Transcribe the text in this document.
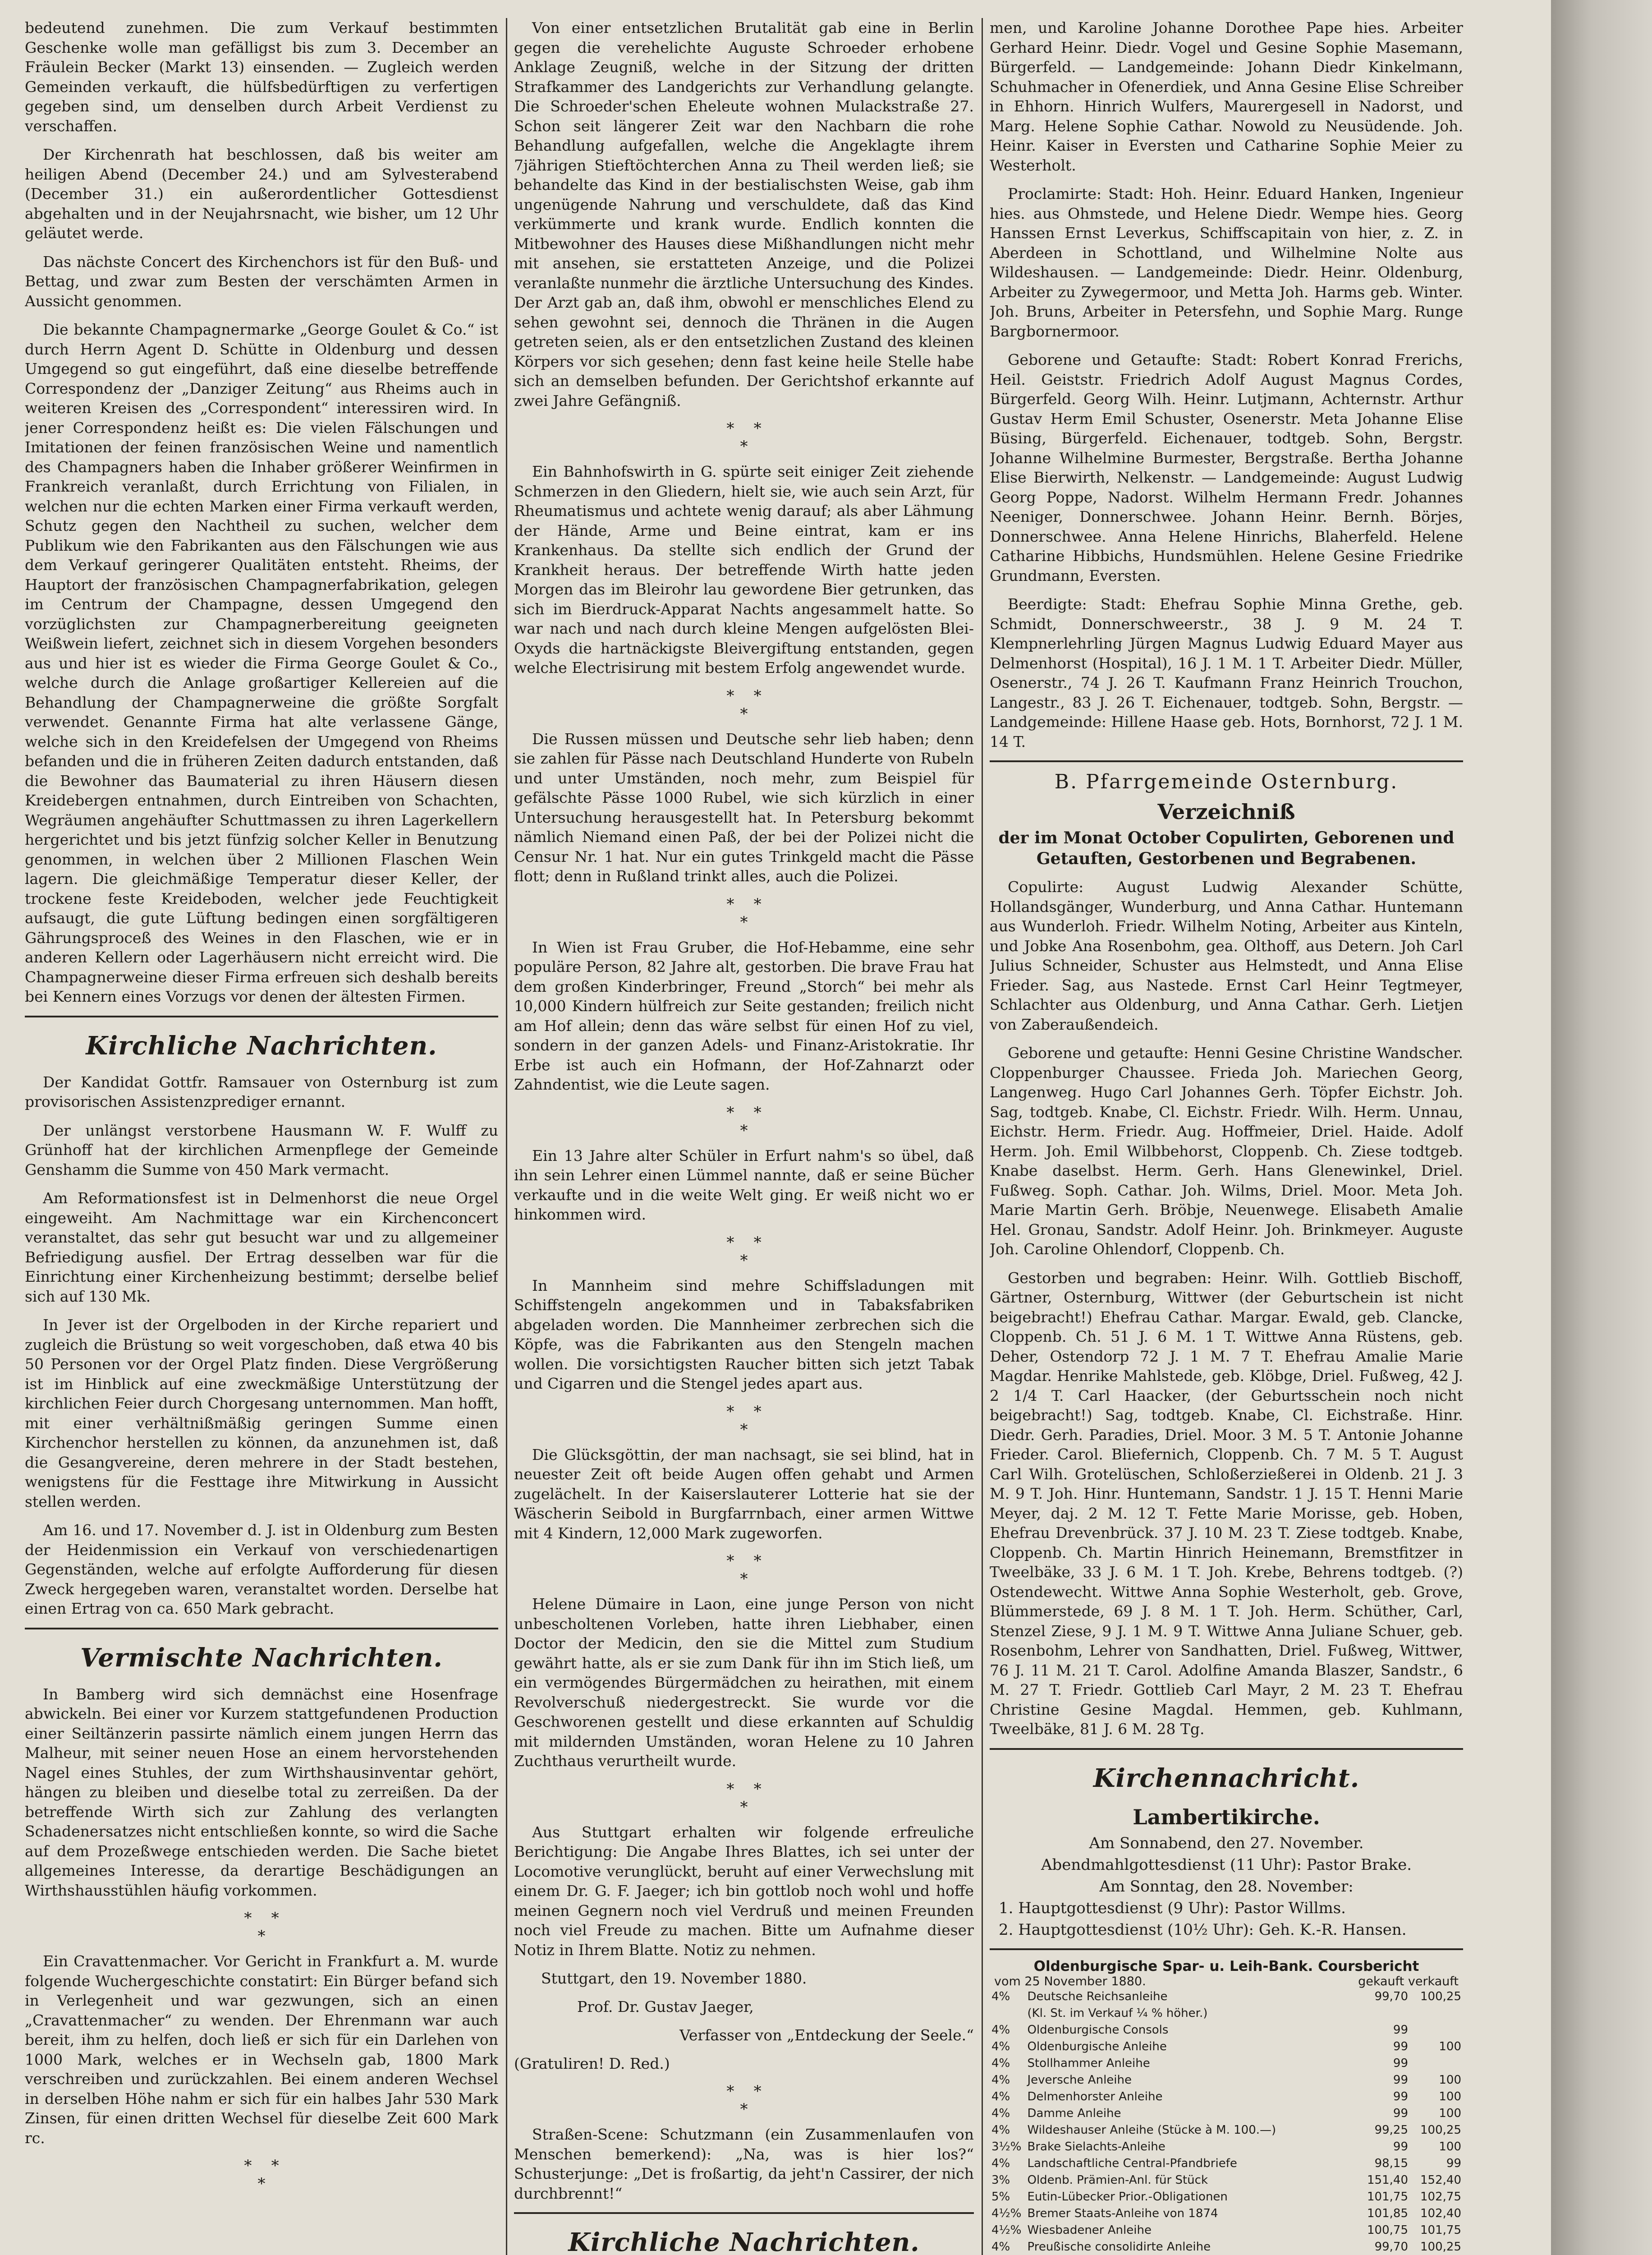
bedeutend zunehmen. Die zum Verkauf bestimmten Geschenke wolle man gefälligst bis zum 3. December an Fräulein Becker (Markt 13) einsenden. — Zugleich werden Gemeinden verkauft, die hülfsbedürftigen zu verfertigen gegeben sind, um denselben durch Arbeit Verdienst zu verschaffen.

Der Kirchenrath hat beschlossen, daß bis weiter am heiligen Abend (December 24.) und am Sylvesterabend (December 31.) ein außerordentlicher Gottesdienst abgehalten und in der Neujahrsnacht, wie bisher, um 12 Uhr geläutet werde.

Das nächste Concert des Kirchenchors ist für den Buß- und Bettag, und zwar zum Besten der verschämten Armen in Aussicht genommen.

Die bekannte Champagnermarke „George Goulet & Co.“ ist durch Herrn Agent D. Schütte in Oldenburg und dessen Umgegend so gut eingeführt, daß eine dieselbe betreffende Correspondenz der „Danziger Zeitung“ aus Rheims auch in weiteren Kreisen des „Correspondent“ interessiren wird. In jener Correspondenz heißt es: Die vielen Fälschungen und Imitationen der feinen französischen Weine und namentlich des Champagners haben die Inhaber größerer Weinfirmen in Frankreich veranlaßt, durch Errichtung von Filialen, in welchen nur die echten Marken einer Firma verkauft werden, Schutz gegen den Nachtheil zu suchen, welcher dem Publikum wie den Fabrikanten aus den Fälschungen wie aus dem Verkauf geringerer Qualitäten entsteht. Rheims, der Hauptort der französischen Champagnerfabrikation, gelegen im Centrum der Champagne, dessen Umgegend den vorzüglichsten zur Champagnerbereitung geeigneten Weißwein liefert, zeichnet sich in diesem Vorgehen besonders aus und hier ist es wieder die Firma George Goulet & Co., welche durch die Anlage großartiger Kellereien auf die Behandlung der Champagnerweine die größte Sorgfalt verwendet. Genannte Firma hat alte verlassene Gänge, welche sich in den Kreidefelsen der Umgegend von Rheims befanden und die in früheren Zeiten dadurch entstanden, daß die Bewohner das Baumaterial zu ihren Häusern diesen Kreidebergen entnahmen, durch Eintreiben von Schachten, Wegräumen angehäufter Schuttmassen zu ihren Lagerkellern hergerichtet und bis jetzt fünfzig solcher Keller in Benutzung genommen, in welchen über 2 Millionen Flaschen Wein lagern. Die gleichmäßige Temperatur dieser Keller, der trockene feste Kreideboden, welcher jede Feuchtigkeit aufsaugt, die gute Lüftung bedingen einen sorgfältigeren Gährungsproceß des Weines in den Flaschen, wie er in anderen Kellern oder Lagerhäusern nicht erreicht wird. Die Champagnerweine dieser Firma erfreuen sich deshalb bereits bei Kennern eines Vorzugs vor denen der ältesten Firmen.

Kirchliche Nachrichten.

Der Kandidat Gottfr. Ramsauer von Osternburg ist zum provisorischen Assistenzprediger ernannt.

Der unlängst verstorbene Hausmann W. F. Wulff zu Grünhoff hat der kirchlichen Armenpflege der Gemeinde Genshamm die Summe von 450 Mark vermacht.

Am Reformationsfest ist in Delmenhorst die neue Orgel eingeweiht. Am Nachmittage war ein Kirchenconcert veranstaltet, das sehr gut besucht war und zu allgemeiner Befriedigung ausfiel. Der Ertrag desselben war für die Einrichtung einer Kirchenheizung bestimmt; derselbe belief sich auf 130 Mk.

In Jever ist der Orgelboden in der Kirche repariert und zugleich die Brüstung so weit vorgeschoben, daß etwa 40 bis 50 Personen vor der Orgel Platz finden. Diese Vergrößerung ist im Hinblick auf eine zweckmäßige Unterstützung der kirchlichen Feier durch Chorgesang unternommen. Man hofft, mit einer verhältnißmäßig geringen Summe einen Kirchenchor herstellen zu können, da anzunehmen ist, daß die Gesangvereine, deren mehrere in der Stadt bestehen, wenigstens für die Festtage ihre Mitwirkung in Aussicht stellen werden.

Am 16. und 17. November d. J. ist in Oldenburg zum Besten der Heidenmission ein Verkauf von verschiedenartigen Gegenständen, welche auf erfolgte Aufforderung für diesen Zweck hergegeben waren, veranstaltet worden. Derselbe hat einen Ertrag von ca. 650 Mark gebracht.

Vermischte Nachrichten.

In Bamberg wird sich demnächst eine Hosenfrage abwickeln. Bei einer vor Kurzem stattgefundenen Production einer Seiltänzerin passirte nämlich einem jungen Herrn das Malheur, mit seiner neuen Hose an einem hervorstehenden Nagel eines Stuhles, der zum Wirthshausinventar gehört, hängen zu bleiben und dieselbe total zu zerreißen. Da der betreffende Wirth sich zur Zahlung des verlangten Schadenersatzes nicht entschließen konnte, so wird die Sache auf dem Prozeßwege entschieden werden. Die Sache bietet allgemeines Interesse, da derartige Beschädigungen an Wirthshausstühlen häufig vorkommen.

*    *
*

Ein Cravattenmacher. Vor Gericht in Frankfurt a. M. wurde folgende Wuchergeschichte constatirt: Ein Bürger befand sich in Verlegenheit und war gezwungen, sich an einen „Cravattenmacher“ zu wenden. Der Ehrenmann war auch bereit, ihm zu helfen, doch ließ er sich für ein Darlehen von 1000 Mark, welches er in Wechseln gab, 1800 Mark verschreiben und zurückzahlen. Bei einem anderen Wechsel in derselben Höhe nahm er sich für ein halbes Jahr 530 Mark Zinsen, für einen dritten Wechsel für dieselbe Zeit 600 Mark rc.

*    *
*

Von einer entsetzlichen Brutalität gab eine in Berlin gegen die verehelichte Auguste Schroeder erhobene Anklage Zeugniß, welche in der Sitzung der dritten Strafkammer des Landgerichts zur Verhandlung gelangte. Die Schroeder'schen Eheleute wohnen Mulackstraße 27. Schon seit längerer Zeit war den Nachbarn die rohe Behandlung aufgefallen, welche die Angeklagte ihrem 7jährigen Stieftöchterchen Anna zu Theil werden ließ; sie behandelte das Kind in der bestialischsten Weise, gab ihm ungenügende Nahrung und verschuldete, daß das Kind verkümmerte und krank wurde. Endlich konnten die Mitbewohner des Hauses diese Mißhandlungen nicht mehr mit ansehen, sie erstatteten Anzeige, und die Polizei veranlaßte nunmehr die ärztliche Untersuchung des Kindes. Der Arzt gab an, daß ihm, obwohl er menschliches Elend zu sehen gewohnt sei, dennoch die Thränen in die Augen getreten seien, als er den entsetzlichen Zustand des kleinen Körpers vor sich gesehen; denn fast keine heile Stelle habe sich an demselben befunden. Der Gerichtshof erkannte auf zwei Jahre Gefängniß.

*    *
*

Ein Bahnhofswirth in G. spürte seit einiger Zeit ziehende Schmerzen in den Gliedern, hielt sie, wie auch sein Arzt, für Rheumatismus und achtete wenig darauf; als aber Lähmung der Hände, Arme und Beine eintrat, kam er ins Krankenhaus. Da stellte sich endlich der Grund der Krankheit heraus. Der betreffende Wirth hatte jeden Morgen das im Bleirohr lau gewordene Bier getrunken, das sich im Bierdruck-Apparat Nachts angesammelt hatte. So war nach und nach durch kleine Mengen aufgelösten Blei-Oxyds die hartnäckigste Bleivergiftung entstanden, gegen welche Electrisirung mit bestem Erfolg angewendet wurde.

*    *
*

Die Russen müssen und Deutsche sehr lieb haben; denn sie zahlen für Pässe nach Deutschland Hunderte von Rubeln und unter Umständen, noch mehr, zum Beispiel für gefälschte Pässe 1000 Rubel, wie sich kürzlich in einer Untersuchung herausgestellt hat. In Petersburg bekommt nämlich Niemand einen Paß, der bei der Polizei nicht die Censur Nr. 1 hat. Nur ein gutes Trinkgeld macht die Pässe flott; denn in Rußland trinkt alles, auch die Polizei.

*    *
*

In Wien ist Frau Gruber, die Hof-Hebamme, eine sehr populäre Person, 82 Jahre alt, gestorben. Die brave Frau hat dem großen Kinderbringer, Freund „Storch“ bei mehr als 10,000 Kindern hülfreich zur Seite gestanden; freilich nicht am Hof allein; denn das wäre selbst für einen Hof zu viel, sondern in der ganzen Adels- und Finanz-Aristokratie. Ihr Erbe ist auch ein Hofmann, der Hof-Zahnarzt oder Zahndentist, wie die Leute sagen.

*    *
*

Ein 13 Jahre alter Schüler in Erfurt nahm's so übel, daß ihn sein Lehrer einen Lümmel nannte, daß er seine Bücher verkaufte und in die weite Welt ging. Er weiß nicht wo er hinkommen wird.

*    *
*

In Mannheim sind mehre Schiffsladungen mit Schiffstengeln angekommen und in Tabaksfabriken abgeladen worden. Die Mannheimer zerbrechen sich die Köpfe, was die Fabrikanten aus den Stengeln machen wollen. Die vorsichtigsten Raucher bitten sich jetzt Tabak und Cigarren und die Stengel jedes apart aus.

*    *
*

Die Glücksgöttin, der man nachsagt, sie sei blind, hat in neuester Zeit oft beide Augen offen gehabt und Armen zugelächelt. In der Kaiserslauterer Lotterie hat sie der Wäscherin Seibold in Burgfarrnbach, einer armen Wittwe mit 4 Kindern, 12,000 Mark zugeworfen.

*    *
*

Helene Dümaire in Laon, eine junge Person von nicht unbescholtenen Vorleben, hatte ihren Liebhaber, einen Doctor der Medicin, den sie die Mittel zum Studium gewährt hatte, als er sie zum Dank für ihn im Stich ließ, um ein vermögendes Bürgermädchen zu heirathen, mit einem Revolverschuß niedergestreckt. Sie wurde vor die Geschworenen gestellt und diese erkannten auf Schuldig mit mildernden Umständen, woran Helene zu 10 Jahren Zuchthaus verurtheilt wurde.

*    *
*

Aus Stuttgart erhalten wir folgende erfreuliche Berichtigung: Die Angabe Ihres Blattes, ich sei unter der Locomotive verunglückt, beruht auf einer Verwechslung mit einem Dr. G. F. Jaeger; ich bin gottlob noch wohl und hoffe meinen Gegnern noch viel Verdruß und meinen Freunden noch viel Freude zu machen. Bitte um Aufnahme dieser Notiz in Ihrem Blatte. Notiz zu nehmen.

Stuttgart, den 19. November 1880.
Prof. Dr. Gustav Jaeger,
Verfasser von „Entdeckung der Seele.“
(Gratuliren! D. Red.)
*    *
*

Straßen-Scene: Schutzmann (ein Zusammenlaufen von Menschen bemerkend): „Na, was is hier los?“ Schusterjunge: „Det is froßartig, da jeht'n Cassirer, der nich durchbrennt!“

Kirchliche Nachrichten.

men, und Karoline Johanne Dorothee Pape hies. Arbeiter Gerhard Heinr. Diedr. Vogel und Gesine Sophie Masemann, Bürgerfeld. — Landgemeinde: Johann Diedr Kinkelmann, Schuhmacher in Ofenerdiek, und Anna Gesine Elise Schreiber in Ehhorn. Hinrich Wulfers, Maurergesell in Nadorst, und Marg. Helene Sophie Cathar. Nowold zu Neusüdende. Joh. Heinr. Kaiser in Eversten und Catharine Sophie Meier zu Westerholt.

Proclamirte: Stadt: Hoh. Heinr. Eduard Hanken, Ingenieur hies. aus Ohmstede, und Helene Diedr. Wempe hies. Georg Hanssen Ernst Leverkus, Schiffscapitain von hier, z. Z. in Aberdeen in Schottland, und Wilhelmine Nolte aus Wildeshausen. — Landgemeinde: Diedr. Heinr. Oldenburg, Arbeiter zu Zywegermoor, und Metta Joh. Harms geb. Winter. Joh. Bruns, Arbeiter in Petersfehn, und Sophie Marg. Runge Bargbornermoor.

Geborene und Getaufte: Stadt: Robert Konrad Frerichs, Heil. Geiststr. Friedrich Adolf August Magnus Cordes, Bürgerfeld. Georg Wilh. Heinr. Lutjmann, Achternstr. Arthur Gustav Herm Emil Schuster, Osenerstr. Meta Johanne Elise Büsing, Bürgerfeld. Eichenauer, todtgeb. Sohn, Bergstr. Johanne Wilhelmine Burmester, Bergstraße. Bertha Johanne Elise Bierwirth, Nelkenstr. — Landgemeinde: August Ludwig Georg Poppe, Nadorst. Wilhelm Hermann Fredr. Johannes Neeniger, Donnerschwee. Johann Heinr. Bernh. Börjes, Donnerschwee. Anna Helene Hinrichs, Blaherfeld. Helene Catharine Hibbichs, Hundsmühlen. Helene Gesine Friedrike Grundmann, Eversten.

Beerdigte: Stadt: Ehefrau Sophie Minna Grethe, geb. Schmidt, Donnerschweerstr., 38 J. 9 M. 24 T. Klempnerlehrling Jürgen Magnus Ludwig Eduard Mayer aus Delmenhorst (Hospital), 16 J. 1 M. 1 T. Arbeiter Diedr. Müller, Osenerstr., 74 J. 26 T. Kaufmann Franz Heinrich Trouchon, Langestr., 83 J. 26 T. Eichenauer, todtgeb. Sohn, Bergstr. — Landgemeinde: Hillene Haase geb. Hots, Bornhorst, 72 J. 1 M. 14 T.

B. Pfarrgemeinde Osternburg.
Verzeichniß
der im Monat October Copulirten, Geborenen und Getauften, Gestorbenen und Begrabenen.

Copulirte: August Ludwig Alexander Schütte, Hollandsgänger, Wunderburg, und Anna Cathar. Huntemann aus Wunderloh. Friedr. Wilhelm Noting, Arbeiter aus Kinteln, und Jobke Ana Rosenbohm, gea. Olthoff, aus Detern. Joh Carl Julius Schneider, Schuster aus Helmstedt, und Anna Elise Frieder. Sag, aus Nastede. Ernst Carl Heinr Tegtmeyer, Schlachter aus Oldenburg, und Anna Cathar. Gerh. Lietjen von Zaberaußendeich.

Geborene und getaufte: Henni Gesine Christine Wandscher. Cloppenburger Chaussee. Frieda Joh. Mariechen Georg, Langenweg. Hugo Carl Johannes Gerh. Töpfer Eichstr. Joh. Sag, todtgeb. Knabe, Cl. Eichstr. Friedr. Wilh. Herm. Unnau, Eichstr. Herm. Friedr. Aug. Hoffmeier, Driel. Haide. Adolf Herm. Joh. Emil Wilbbehorst, Cloppenb. Ch. Ziese todtgeb. Knabe daselbst. Herm. Gerh. Hans Glenewinkel, Driel. Fußweg. Soph. Cathar. Joh. Wilms, Driel. Moor. Meta Joh. Marie Martin Gerh. Bröbje, Neuenwege. Elisabeth Amalie Hel. Gronau, Sandstr. Adolf Heinr. Joh. Brinkmeyer. Auguste Joh. Caroline Ohlendorf, Cloppenb. Ch.

Gestorben und begraben: Heinr. Wilh. Gottlieb Bischoff, Gärtner, Osternburg, Wittwer (der Geburtschein ist nicht beigebracht!) Ehefrau Cathar. Margar. Ewald, geb. Clancke, Cloppenb. Ch. 51 J. 6 M. 1 T. Wittwe Anna Rüstens, geb. Deher, Ostendorp 72 J. 1 M. 7 T. Ehefrau Amalie Marie Magdar. Henrike Mahlstede, geb. Klöbge, Driel. Fußweg, 42 J. 2 1/4 T. Carl Haacker, (der Geburtsschein noch nicht beigebracht!) Sag, todtgeb. Knabe, Cl. Eichstraße. Hinr. Diedr. Gerh. Paradies, Driel. Moor. 3 M. 5 T. Antonie Johanne Frieder. Carol. Bliefernich, Cloppenb. Ch. 7 M. 5 T. August Carl Wilh. Grotelüschen, Schloßerzießerei in Oldenb. 21 J. 3 M. 9 T. Joh. Hinr. Huntemann, Sandstr. 1 J. 15 T. Henni Marie Meyer, daj. 2 M. 12 T. Fette Marie Morisse, geb. Hoben, Ehefrau Drevenbrück. 37 J. 10 M. 23 T. Ziese todtgeb. Knabe, Cloppenb. Ch. Martin Hinrich Heinemann, Bremstfitzer in Tweelbäke, 33 J. 6 M. 1 T. Joh. Krebe, Behrens todtgeb. (?) Ostendewecht. Wittwe Anna Sophie Westerholt, geb. Grove, Blümmerstede, 69 J. 8 M. 1 T. Joh. Herm. Schüther, Carl, Stenzel Ziese, 9 J. 1 M. 9 T. Wittwe Anna Juliane Schuer, geb. Rosenbohm, Lehrer von Sandhatten, Driel. Fußweg, Wittwer, 76 J. 11 M. 21 T. Carol. Adolfine Amanda Blaszer, Sandstr., 6 M. 27 T. Friedr. Gottlieb Carl Mayr, 2 M. 23 T. Ehefrau Christine Gesine Magdal. Hemmen, geb. Kuhlmann, Tweelbäke, 81 J. 6 M. 28 Tg.

Kirchennachricht.
Lambertikirche.
Am Sonnabend, den 27. November.
Abendmahlgottesdienst (11 Uhr): Pastor Brake.
Am Sonntag, den 28. November:
1. Hauptgottesdienst (9 Uhr): Pastor Willms.
2. Hauptgottesdienst (10½ Uhr): Geh. K.-R. Hansen.
Oldenburgische Spar- u. Leih-Bank. Coursbericht
vom 25 November 1880.	gekauft verkauft
4%	Deutsche Reichsanleihe	99,70	100,25
	(Kl. St. im Verkauf ¼ % höher.)		
4%	Oldenburgische Consols	99	
4%	Oldenburgische Anleihe	99	100
4%	Stollhammer Anleihe	99	
4%	Jeversche Anleihe	99	100
4%	Delmenhorster Anleihe	99	100
4%	Damme Anleihe	99	100
4%	Wildeshauser Anleihe (Stücke à M. 100.—)	99,25	100,25
3½%	Brake Sielachts-Anleihe	99	100
4%	Landschaftliche Central-Pfandbriefe	98,15	99
3%	Oldenb. Prämien-Anl. für Stück	151,40	152,40
5%	Eutin-Lübecker Prior.-Obligationen	101,75	102,75
4½%	Bremer Staats-Anleihe von 1874	101,85	102,40
4½%	Wiesbadener Anleihe	100,75	101,75
4%	Preußische consolidirte Anleihe	99,70	100,25
